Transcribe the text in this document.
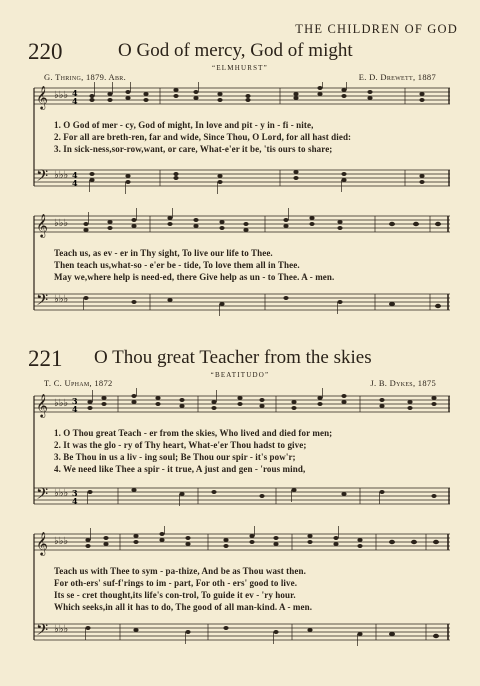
THE CHILDREN OF GOD
220	O God of mercy, God of might
“ELMHURST”
G. Thring, 1879. Abr.	E. D. Drewett, 1887
𝄞 ♭♭♭ 4
4
𝄢 ♭♭♭ 4
4
1. O God of mer - cy, God of might, In love and pit - y in - fi - nite,
2. For all are breth-ren, far and wide, Since Thou, O Lord, for all hast died:
3. In sick-ness,sor-row,want, or care, What-e'er it be, 'tis ours to share;
𝄞 ♭♭♭
𝄢 ♭♭♭
Teach us, as ev - er in Thy sight, To live our life to Thee.
Then teach us,what-so - e'er be - tide, To love them all in Thee.
May we,where help is need-ed, there Give help as un - to Thee. A - men.
221 O Thou great Teacher from the skies
“BEATITUDO”
T. C. Upham, 1872	J. B. Dykes, 1875
𝄞 ♭♭♭ 3
4
𝄢 ♭♭♭ 3
4
1. O Thou great Teach - er from the skies, Who lived and died for men;
2. It was the glo - ry of Thy heart, What-e'er Thou hadst to give;
3. Be Thou in us a liv - ing soul; Be Thou our spir - it's pow'r;
4. We need like Thee a spir - it true, A just and gen - 'rous mind,
𝄞 ♭♭♭
𝄢 ♭♭♭
Teach us with Thee to sym - pa-thize, And be as Thou wast then.
For oth-ers' suf-f'rings to im - part, For oth - ers' good to live.
Its se - cret thought,its life's con-trol, To guide it ev - 'ry hour.
Which seeks,in all it has to do, The good of all man-kind. A - men.
